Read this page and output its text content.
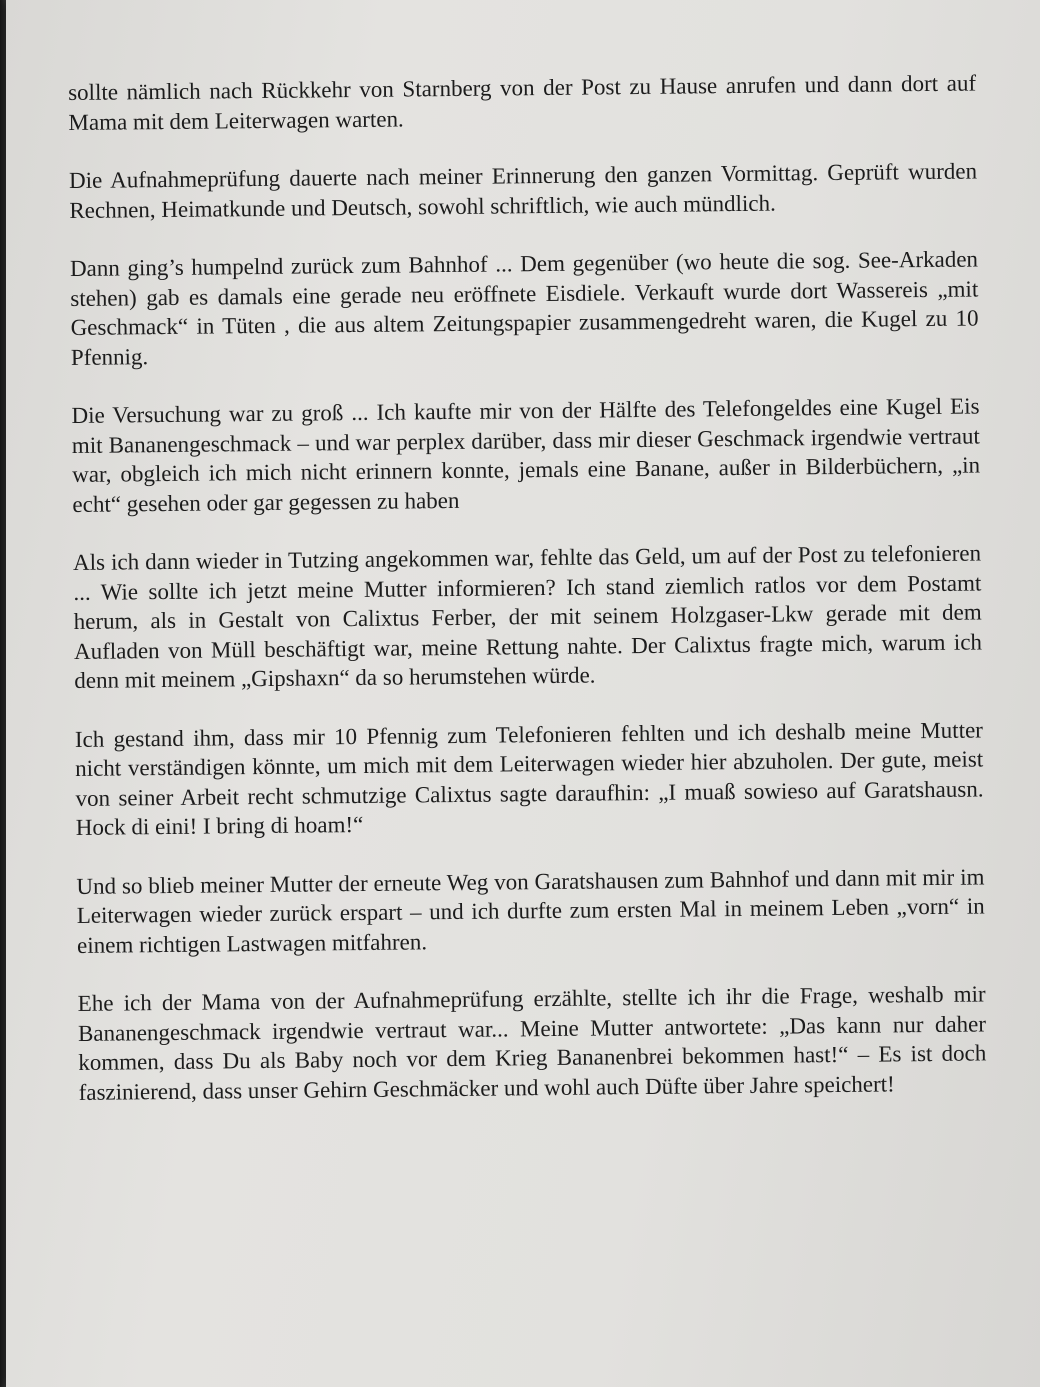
sollte nämlich nach Rückkehr von Starnberg von der Post zu Hause anrufen und dann dort auf Mama mit dem Leiterwagen warten.

Die Aufnahmeprüfung dauerte nach meiner Erinnerung den ganzen Vormittag. Geprüft wurden Rechnen, Heimatkunde und Deutsch, sowohl schriftlich, wie auch mündlich.

Dann ging’s humpelnd zurück zum Bahnhof ... Dem gegenüber (wo heute die sog. See-Arkaden stehen) gab es damals eine gerade neu eröffnete Eisdiele. Verkauft wurde dort Wassereis „mit Geschmack“ in Tüten , die aus altem Zeitungspapier zusammengedreht waren, die Kugel zu 10 Pfennig.

Die Versuchung war zu groß ... Ich kaufte mir von der Hälfte des Telefongeldes eine Kugel Eis mit Bananengeschmack – und war perplex darüber, dass mir dieser Geschmack irgendwie vertraut war, obgleich ich mich nicht erinnern konnte, jemals eine Banane, außer in Bilderbüchern, „in echt“ gesehen oder gar gegessen zu haben

Als ich dann wieder in Tutzing angekommen war, fehlte das Geld, um auf der Post zu telefonieren ... Wie sollte ich jetzt meine Mutter informieren? Ich stand ziemlich ratlos vor dem Postamt herum, als in Gestalt von Calixtus Ferber, der mit seinem Holzgaser-Lkw gerade mit dem Aufladen von Müll beschäftigt war, meine Rettung nahte. Der Calixtus fragte mich, warum ich denn mit meinem „Gipshaxn“ da so herumstehen würde.

Ich gestand ihm, dass mir 10 Pfennig zum Telefonieren fehlten und ich deshalb meine Mutter nicht verständigen könnte, um mich mit dem Leiterwagen wieder hier abzuholen. Der gute, meist von seiner Arbeit recht schmutzige Calixtus sagte daraufhin: „I muaß sowieso auf Garatshausn. Hock di eini! I bring di hoam!“

Und so blieb meiner Mutter der erneute Weg von Garatshausen zum Bahnhof und dann mit mir im Leiterwagen wieder zurück erspart – und ich durfte zum ersten Mal in meinem Leben „vorn“ in einem richtigen Lastwagen mitfahren.

Ehe ich der Mama von der Aufnahmeprüfung erzählte, stellte ich ihr die Frage, weshalb mir Bananengeschmack irgendwie vertraut war... Meine Mutter antwortete: „Das kann nur daher kommen, dass Du als Baby noch vor dem Krieg Bananenbrei bekommen hast!“ – Es ist doch faszinierend, dass unser Gehirn Geschmäcker und wohl auch Düfte über Jahre speichert!
